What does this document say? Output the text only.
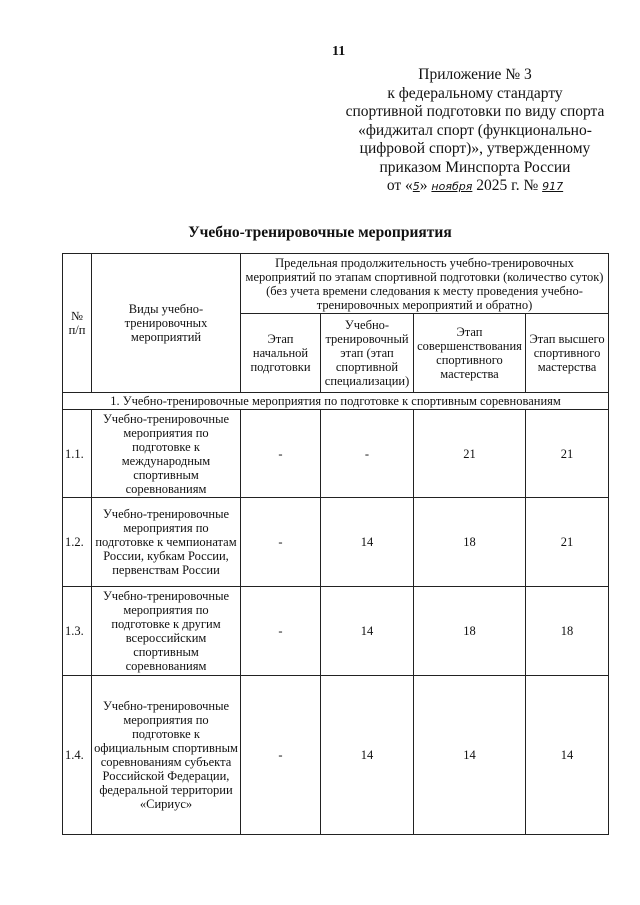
11
Приложение № 3
к федеральному стандарту
спортивной подготовки по виду спорта
«фиджитал спорт (функционально-
цифровой спорт)», утвержденному
приказом Минспорта России
от «5» ноября 2025 г. № 917
Учебно-тренировочные мероприятия
№ п/п	Виды учебно-тренировочных мероприятий	Предельная продолжительность учебно-тренировочных мероприятий по этапам спортивной подготовки (количество суток) (без учета времени следования к месту проведения учебно-тренировочных мероприятий и обратно)			
		Этап начальной подготовки	Учебно-тренировочный этап (этап спортивной специализации)	Этап совершенствования спортивного мастерства	Этап высшего спортивного мастерства
1. Учебно-тренировочные мероприятия по подготовке к спортивным соревнованиям					
1.1.	Учебно-тренировочные мероприятия по подготовке к международным спортивным соревнованиям	-	-	21	21
1.2.	Учебно-тренировочные мероприятия по подготовке к чемпионатам России, кубкам России, первенствам России	-	14	18	21
1.3.	Учебно-тренировочные мероприятия по подготовке к другим всероссийским спортивным соревнованиям	-	14	18	18
1.4.	Учебно-тренировочные мероприятия по подготовке к официальным спортивным соревнованиям субъекта Российской Федерации, федеральной территории «Сириус»	-	14	14	14
